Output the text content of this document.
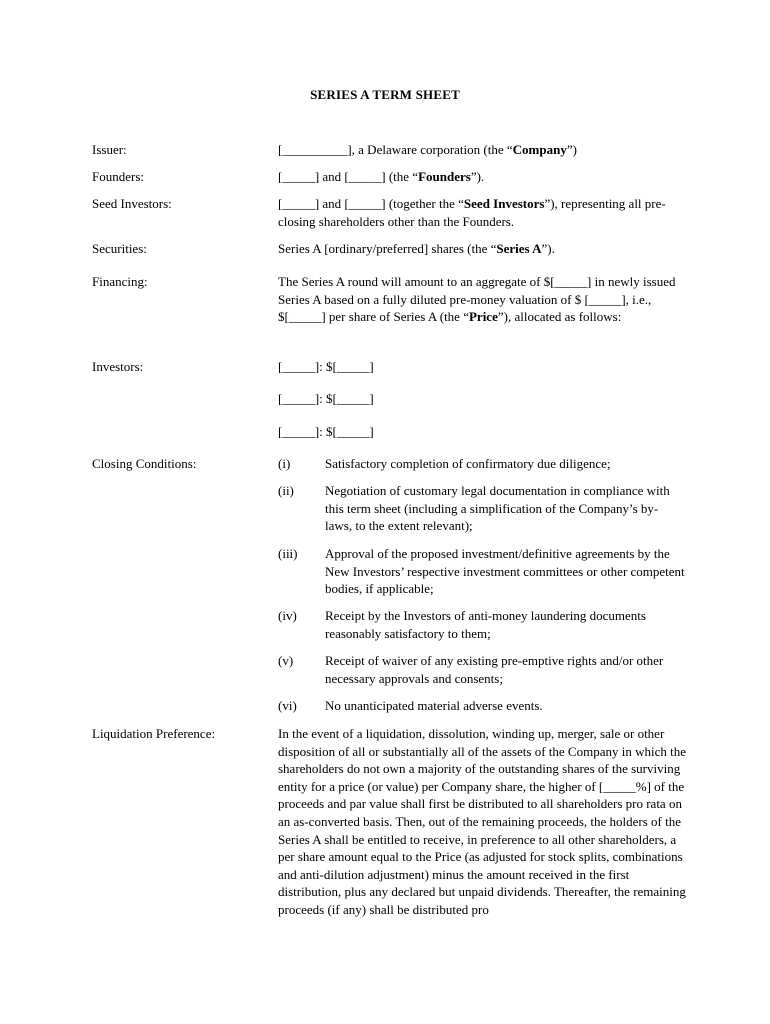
SERIES A TERM SHEET
Issuer:	[__________], a Delaware corporation (the “Company”)
Founders:	[_____] and [_____] (the “Founders”).
Seed Investors:	[_____] and [_____] (together the “Seed Investors”), representing all pre-closing shareholders other than the Founders.
Securities:	Series A [ordinary/preferred] shares (the “Series A”).
Financing:	The Series A round will amount to an aggregate of $[_____] in newly issued Series A based on a fully diluted pre-money valuation of $ [_____], i.e., $[_____] per share of Series A (the “Price”), allocated as follows:
Investors:	[_____]: $[_____]
[_____]: $[_____]
[_____]: $[_____]
Closing Conditions:	(i)	Satisfactory completion of confirmatory due diligence;
(ii)	Negotiation of customary legal documentation in compliance with this term sheet (including a simplification of the Company’s by-laws, to the extent relevant);
(iii)	Approval of the proposed investment/definitive agreements by the New Investors’ respective investment committees or other competent bodies, if applicable;
(iv)	Receipt by the Investors of anti-money laundering documents reasonably satisfactory to them;
(v)	Receipt of waiver of any existing pre-emptive rights and/or other necessary approvals and consents;
(vi)	No unanticipated material adverse events.
Liquidation Preference:	In the event of a liquidation, dissolution, winding up, merger, sale or other disposition of all or substantially all of the assets of the Company in which the shareholders do not own a majority of the outstanding shares of the surviving entity for a price (or value) per Company share, the higher of [_____%] of the proceeds and par value shall first be distributed to all shareholders pro rata on an as-converted basis. Then, out of the remaining proceeds, the holders of the Series A shall be entitled to receive, in preference to all other shareholders, a per share amount equal to the Price (as adjusted for stock splits, combinations and anti-dilution adjustment) minus the amount received in the first distribution, plus any declared but unpaid dividends. Thereafter, the remaining proceeds (if any) shall be distributed pro
